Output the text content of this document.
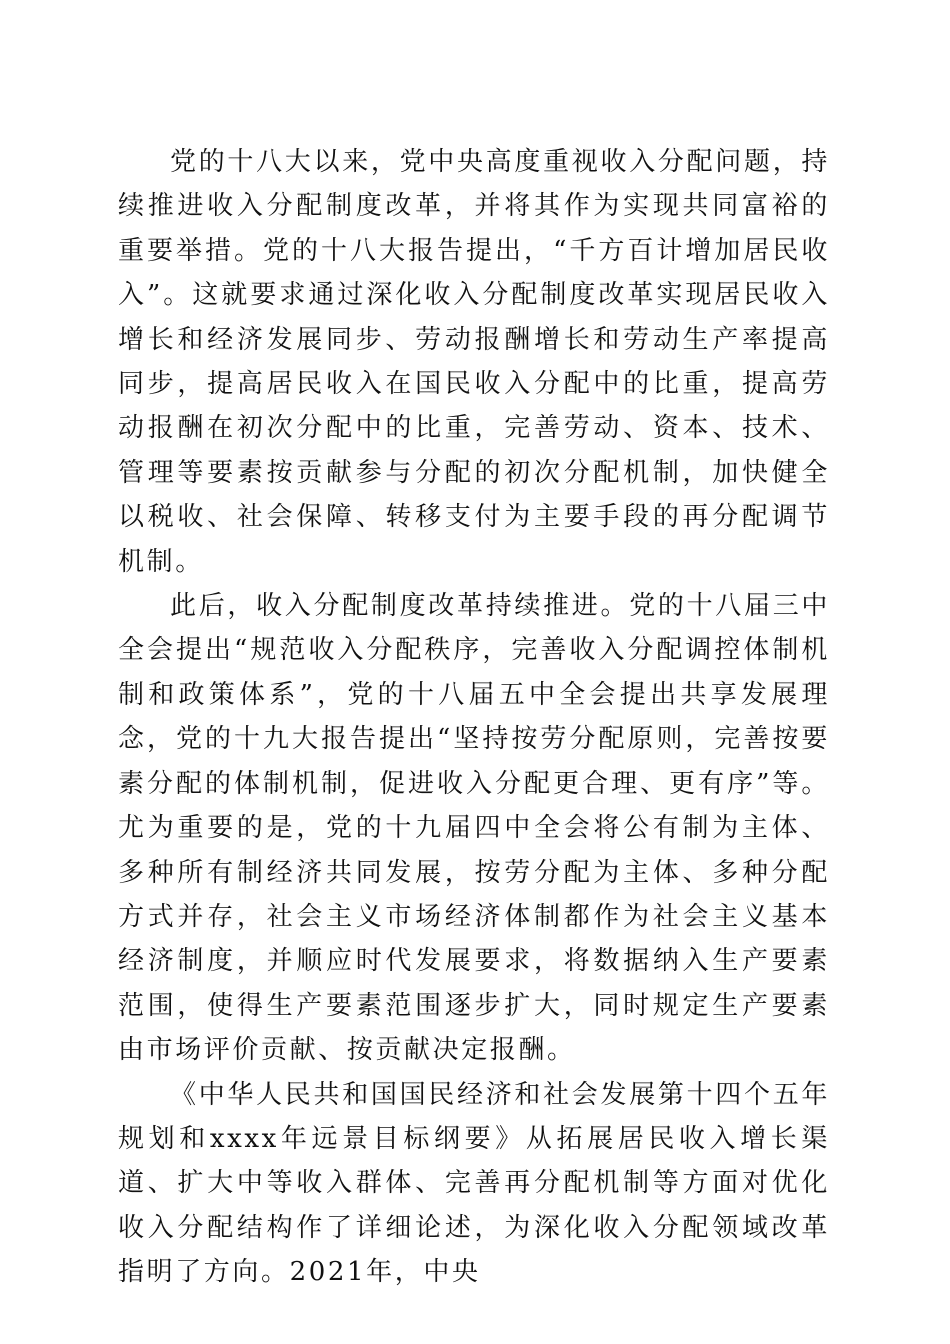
党的十八大以来，党中央高度重视收入分配问题，持续推进收入分配制度改革，并将其作为实现共同富裕的重要举措。党的十八大报告提出，“千方百计增加居民收入”。这就要求通过深化收入分配制度改革实现居民收入增长和经济发展同步、劳动报酬增长和劳动生产率提高同步，提高居民收入在国民收入分配中的比重，提高劳动报酬在初次分配中的比重，完善劳动、资本、技术、管理等要素按贡献参与分配的初次分配机制，加快健全以税收、社会保障、转移支付为主要手段的再分配调节机制。

此后，收入分配制度改革持续推进。党的十八届三中全会提出“规范收入分配秩序，完善收入分配调控体制机制和政策体系”，党的十八届五中全会提出共享发展理念，党的十九大报告提出“坚持按劳分配原则，完善按要素分配的体制机制，促进收入分配更合理、更有序”等。尤为重要的是，党的十九届四中全会将公有制为主体、多种所有制经济共同发展，按劳分配为主体、多种分配方式并存，社会主义市场经济体制都作为社会主义基本经济制度，并顺应时代发展要求，将数据纳入生产要素范围，使得生产要素范围逐步扩大，同时规定生产要素由市场评价贡献、按贡献决定报酬。

《中华人民共和国国民经济和社会发展第十四个五年规划和xxxx年远景目标纲要》从拓展居民收入增长渠道、扩大中等收入群体、完善再分配机制等方面对优化收入分配结构作了详细论述，为深化收入分配领域改革指明了方向。2021年，中央
